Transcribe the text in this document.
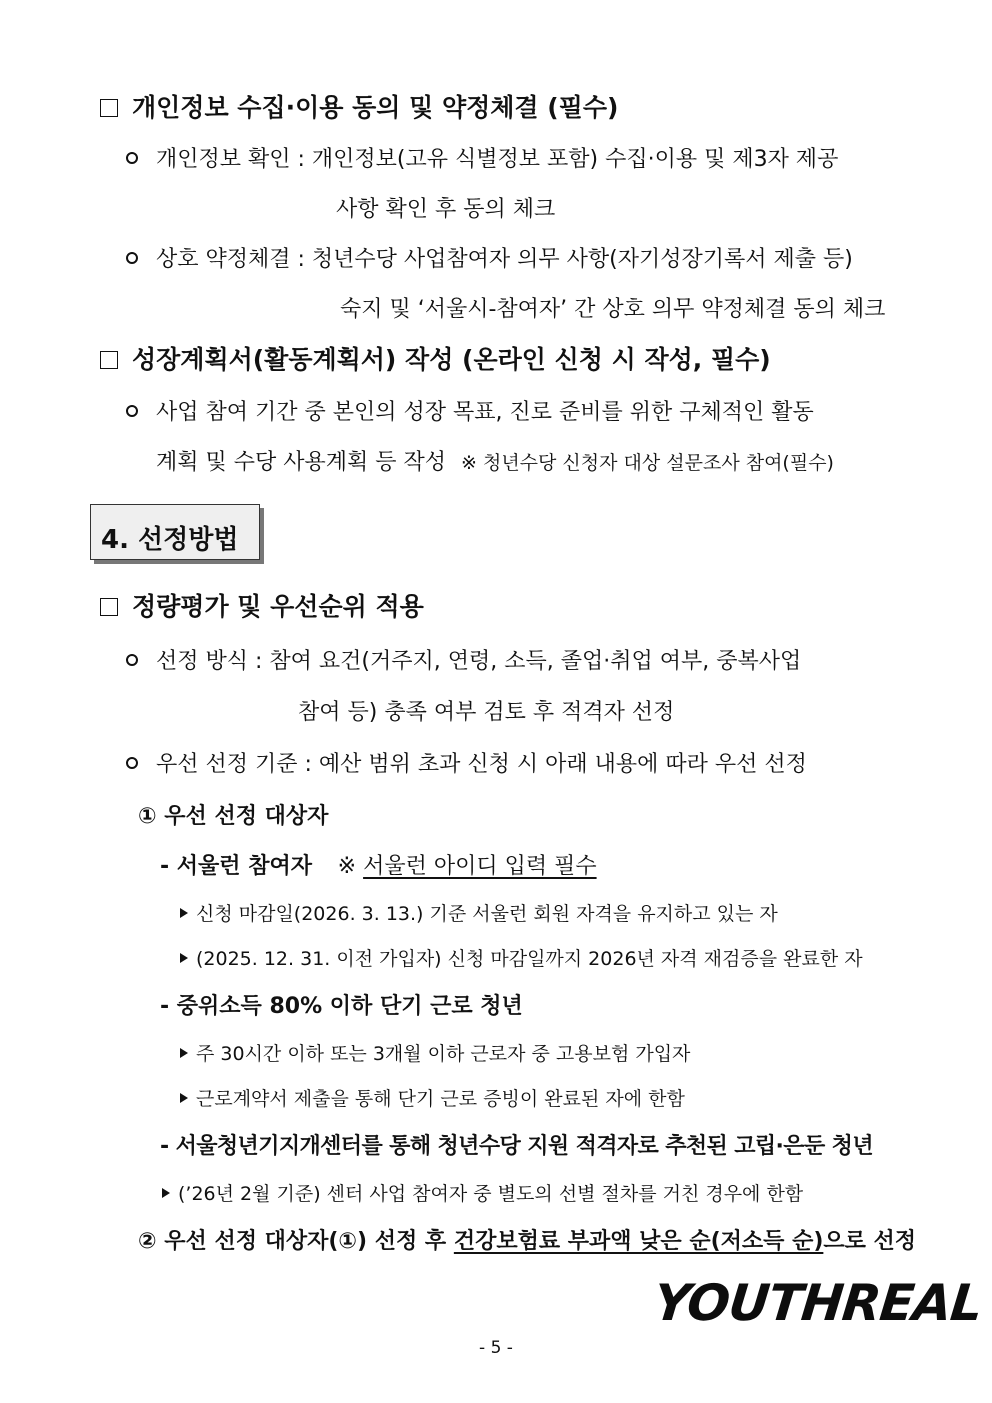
개인정보 수집·이용 동의 및 약정체결 (필수)
개인정보 확인 : 개인정보(고유 식별정보 포함) 수집·이용 및 제3자 제공
사항 확인 후 동의 체크
상호 약정체결 : 청년수당 사업참여자 의무 사항(자기성장기록서 제출 등)
숙지 및 ‘서울시-참여자’ 간 상호 의무 약정체결 동의 체크
성장계획서(활동계획서) 작성 (온라인 신청 시 작성, 필수)
사업 참여 기간 중 본인의 성장 목표, 진로 준비를 위한 구체적인 활동
계획 및 수당 사용계획 등 작성 ※ 청년수당 신청자 대상 설문조사 참여(필수)
4. 선정방법
정량평가 및 우선순위 적용
선정 방식 : 참여 요건(거주지, 연령, 소득, 졸업·취업 여부, 중복사업
참여 등) 충족 여부 검토 후 적격자 선정
우선 선정 기준 : 예산 범위 초과 신청 시 아래 내용에 따라 우선 선정
① 우선 선정 대상자
- 서울런 참여자 ※ 서울런 아이디 입력 필수
신청 마감일(2026. 3. 13.) 기준 서울런 회원 자격을 유지하고 있는 자
(2025. 12. 31. 이전 가입자) 신청 마감일까지 2026년 자격 재검증을 완료한 자
- 중위소득 80% 이하 단기 근로 청년
주 30시간 이하 또는 3개월 이하 근로자 중 고용보험 가입자
근로계약서 제출을 통해 단기 근로 증빙이 완료된 자에 한함
- 서울청년기지개센터를 통해 청년수당 지원 적격자로 추천된 고립·은둔 청년
(’26년 2월 기준) 센터 사업 참여자 중 별도의 선별 절차를 거친 경우에 한함
② 우선 선정 대상자(①) 선정 후 건강보험료 부과액 낮은 순(저소득 순)으로 선정
YOUTHREAL
- 5 -
